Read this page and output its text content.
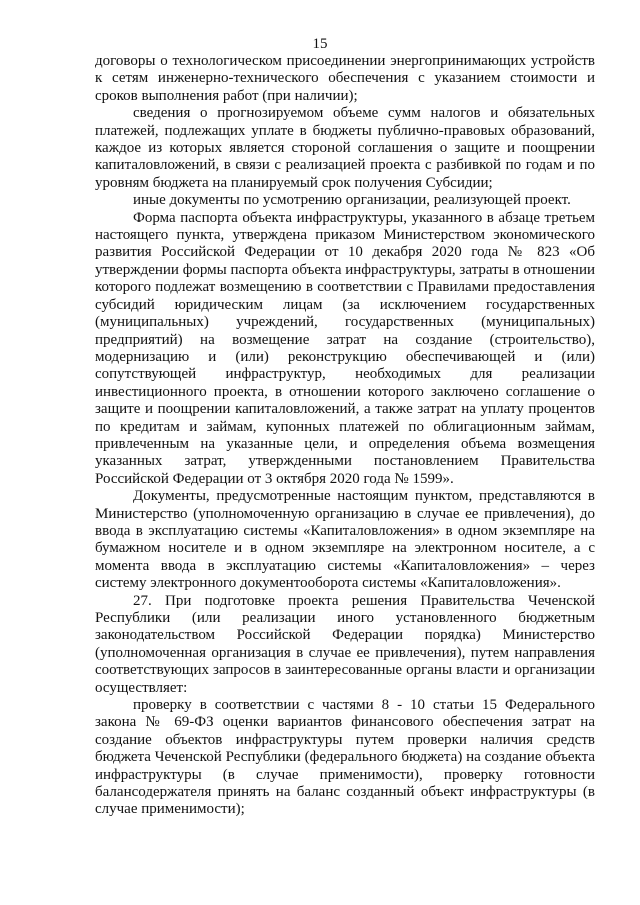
15

договоры о технологическом присоединении энергопринимающих устройств к сетям инженерно-технического обеспечения с указанием стоимости и сроков выполнения работ (при наличии);

сведения о прогнозируемом объеме сумм налогов и обязательных платежей, подлежащих уплате в бюджеты публично-правовых образований, каждое из которых является стороной соглашения о защите и поощрении капиталовложений, в связи с реализацией проекта с разбивкой по годам и по уровням бюджета на планируемый срок получения Субсидии;

иные документы по усмотрению организации, реализующей проект.

Форма паспорта объекта инфраструктуры, указанного в абзаце третьем настоящего пункта, утверждена приказом Министерством экономического развития Российской Федерации от 10 декабря 2020 года № 823 «Об утверждении формы паспорта объекта инфраструктуры, затраты в отношении которого подлежат возмещению в соответствии с Правилами предоставления субсидий юридическим лицам (за исключением государственных (муниципальных) учреждений, государственных (муниципальных) предприятий) на возмещение затрат на создание (строительство), модернизацию и (или) реконструкцию обеспечивающей и (или) сопутствующей инфраструктур, необходимых для реализации инвестиционного проекта, в отношении которого заключено соглашение о защите и поощрении капиталовложений, а также затрат на уплату процентов по кредитам и займам, купонных платежей по облигационным займам, привлеченным на указанные цели, и определения объема возмещения указанных затрат, утвержденными постановлением Правительства Российской Федерации от 3 октября 2020 года № 1599».

Документы, предусмотренные настоящим пунктом, представляются в Министерство (уполномоченную организацию в случае ее привлечения), до ввода в эксплуатацию системы «Капиталовложения» в одном экземпляре на бумажном носителе и в одном экземпляре на электронном носителе, а с момента ввода в эксплуатацию системы «Капиталовложения» – через систему электронного документооборота системы «Капиталовложения».

27. При подготовке проекта решения Правительства Чеченской Республики (или реализации иного установленного бюджетным законодательством Российской Федерации порядка) Министерство (уполномоченная организация в случае ее привлечения), путем направления соответствующих запросов в заинтересованные органы власти и организации осуществляет:

проверку в соответствии с частями 8 - 10 статьи 15 Федерального закона № 69-ФЗ оценки вариантов финансового обеспечения затрат на создание объектов инфраструктуры путем проверки наличия средств бюджета Чеченской Республики (федерального бюджета) на создание объекта инфраструктуры (в случае применимости), проверку готовности балансодержателя принять на баланс созданный объект инфраструктуры (в случае применимости);
